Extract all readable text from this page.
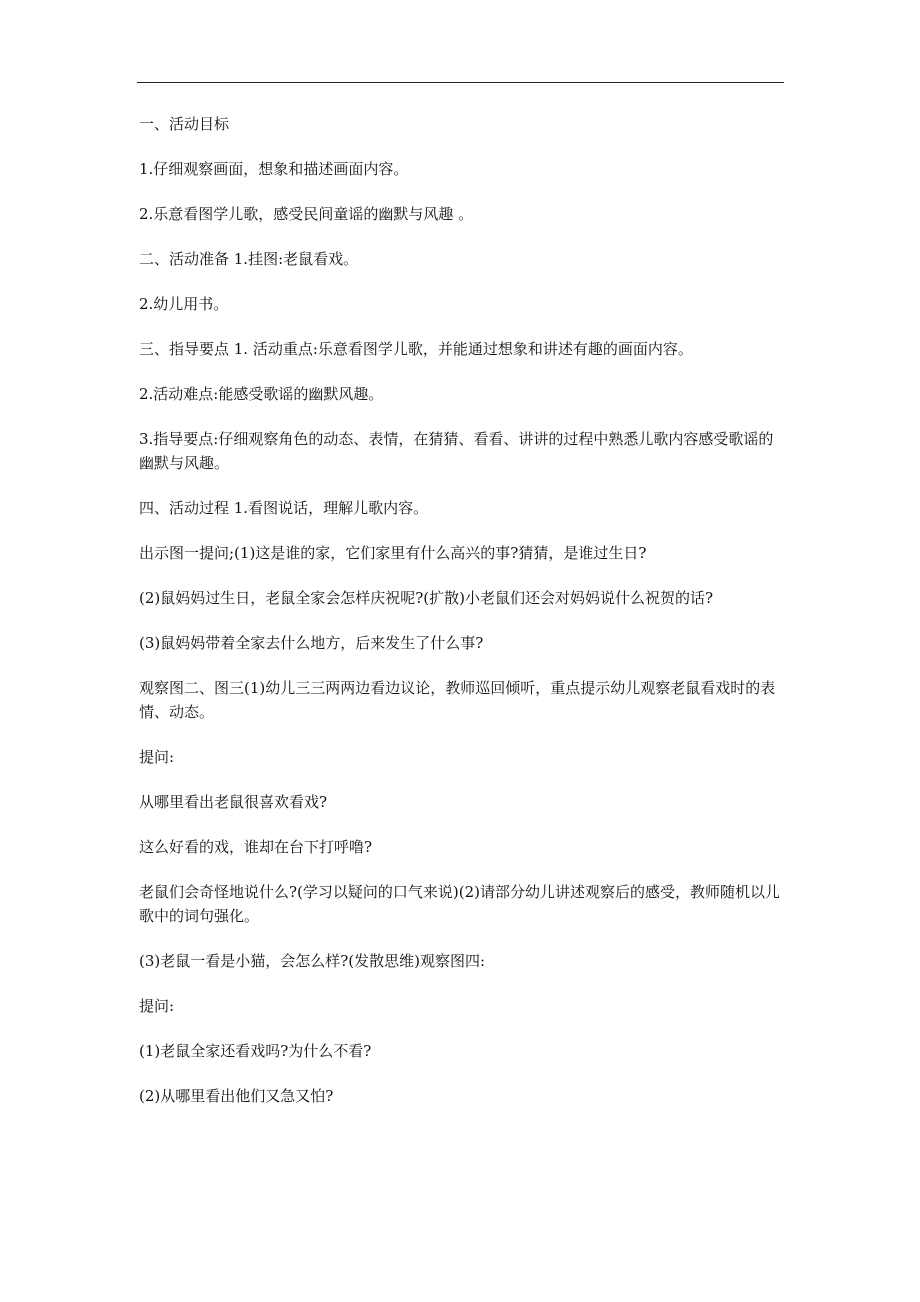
一、活动目标

1.仔细观察画面，想象和描述画面内容。

2.乐意看图学儿歌，感受民间童谣的幽默与风趣 。

二、活动准备 1.挂图:老鼠看戏。

2.幼儿用书。

三、指导要点 1. 活动重点:乐意看图学儿歌，并能通过想象和讲述有趣的画面内容。

2.活动难点:能感受歌谣的幽默风趣。

3.指导要点:仔细观察角色的动态、表情，在猜猜、看看、讲讲的过程中熟悉儿歌内容感受歌谣的幽默与风趣。

四、活动过程 1.看图说话，理解儿歌内容。

出示图一提问;(1)这是谁的家，它们家里有什么高兴的事?猜猜，是谁过生日?

(2)鼠妈妈过生日，老鼠全家会怎样庆祝呢?(扩散)小老鼠们还会对妈妈说什么祝贺的话?

(3)鼠妈妈带着全家去什么地方，后来发生了什么事?

观察图二、图三(1)幼儿三三两两边看边议论，教师巡回倾听，重点提示幼儿观察老鼠看戏时的表情、动态。

提问:

从哪里看出老鼠很喜欢看戏?

这么好看的戏，谁却在台下打呼噜?

老鼠们会奇怪地说什么?(学习以疑问的口气来说)(2)请部分幼儿讲述观察后的感受，教师随机以儿歌中的词句强化。

(3)老鼠一看是小猫，会怎么样?(发散思维)观察图四:

提问:

(1)老鼠全家还看戏吗?为什么不看?

(2)从哪里看出他们又急又怕?
